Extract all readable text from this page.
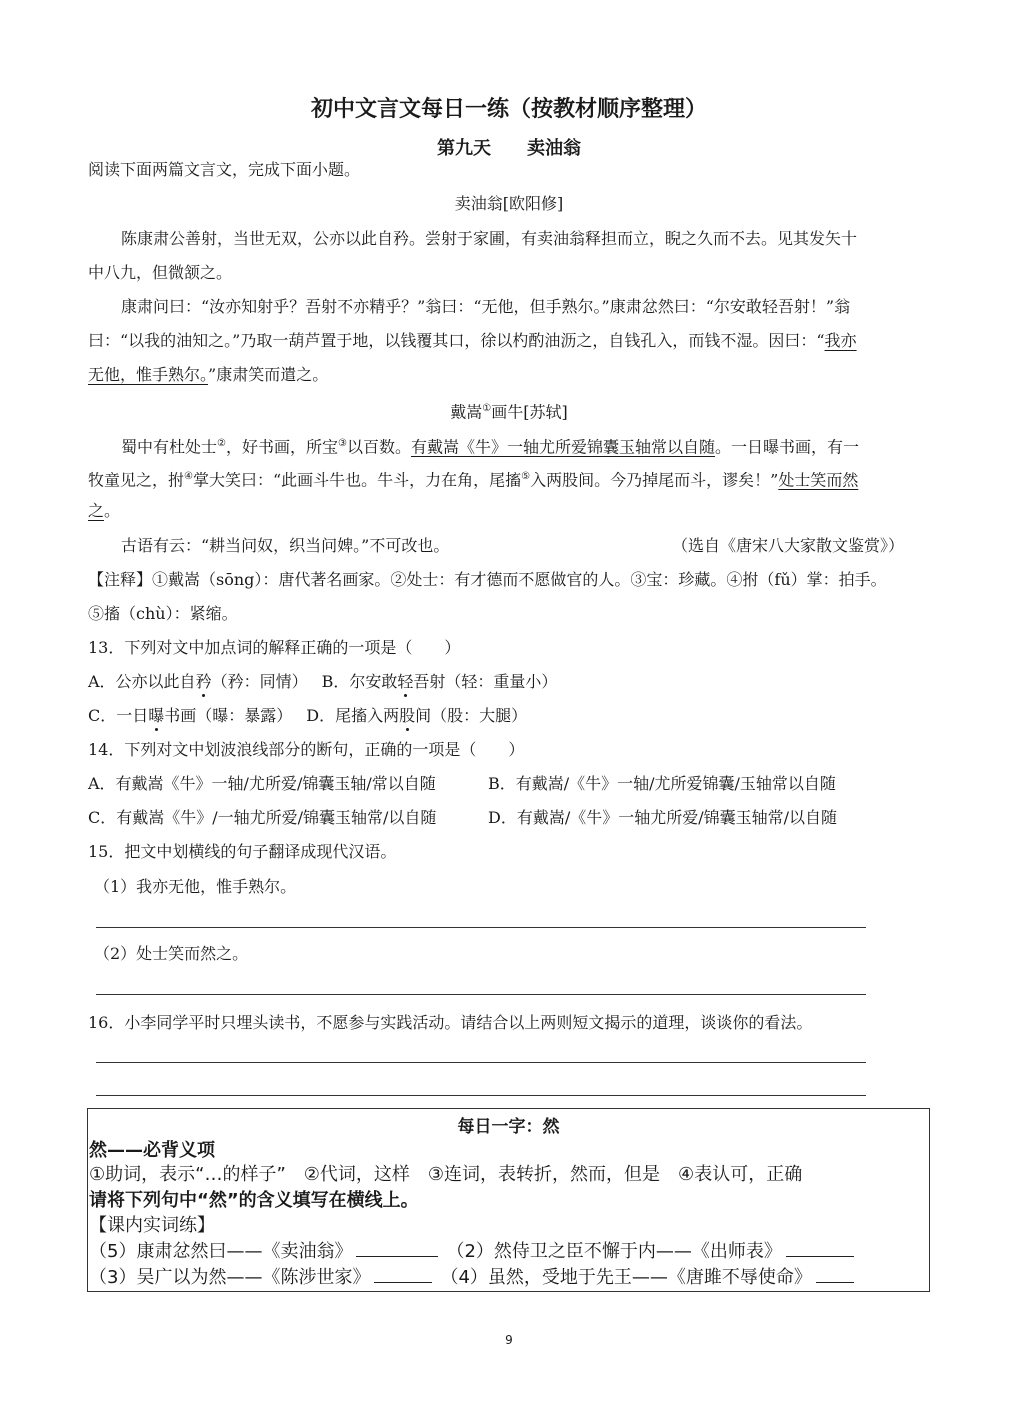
初中文言文每日一练（按教材顺序整理）
第九天 卖油翁
阅读下面两篇文言文，完成下面小题。
卖油翁[欧阳修]
陈康肃公善射，当世无双，公亦以此自矜。尝射于家圃，有卖油翁释担而立，睨之久而不去。见其发矢十
中八九，但微颔之。
康肃问曰：“汝亦知射乎？吾射不亦精乎？”翁曰：“无他，但手熟尔。”康肃忿然曰：“尔安敢轻吾射！”翁
曰：“以我的油知之。”乃取一葫芦置于地，以钱覆其口，徐以杓酌油沥之，自钱孔入，而钱不湿。因曰：“我亦
无他，惟手熟尔。”康肃笑而遣之。
戴嵩①画牛[苏轼]
蜀中有杜处士②，好书画，所宝③以百数。有戴嵩《牛》一轴尤所爱锦囊玉轴常以自随。一日曝书画，有一
牧童见之，拊④掌大笑曰：“此画斗牛也。牛斗，力在角，尾搐⑤入两股间。今乃掉尾而斗，谬矣！”处士笑而然
之。
古语有云：“耕当问奴，织当问婢。”不可改也。	（选自《唐宋八大家散文鉴赏》）
【注释】①戴嵩（sōng）：唐代著名画家。②处士：有才德而不愿做官的人。③宝：珍藏。④拊（fǔ）掌：拍手。
⑤搐（chù）：紧缩。
13．下列对文中加点词的解释正确的一项是（　　）
A．公亦以此自矜（矜：同情） B．尔安敢轻吾射（轻：重量小）
C．一日曝书画（曝：暴露） D．尾搐入两股间（股：大腿）
14．下列对文中划波浪线部分的断句，正确的一项是（　　）
A．有戴嵩《牛》一轴/尤所爱/锦囊玉轴/常以自随	B．有戴嵩/《牛》一轴/尤所爱锦囊/玉轴常以自随
C．有戴嵩《牛》/一轴尤所爱/锦囊玉轴常/以自随	D．有戴嵩/《牛》一轴尤所爱/锦囊玉轴常/以自随
15．把文中划横线的句子翻译成现代汉语。
（1）我亦无他，惟手熟尔。
（2）处士笑而然之。
16．小李同学平时只埋头读书，不愿参与实践活动。请结合以上两则短文揭示的道理，谈谈你的看法。
每日一字：然
然——必背义项
①助词，表示“…的样子”　②代词，这样　③连词，表转折，然而，但是　④表认可，正确
请将下列句中“然”的含义填写在横线上。
【课内实词练】
（5）康肃忿然曰——《卖油翁》	（2）然侍卫之臣不懈于内——《出师表》
（3）吴广以为然——《陈涉世家》	（4）虽然，受地于先王——《唐雎不辱使命》
9
